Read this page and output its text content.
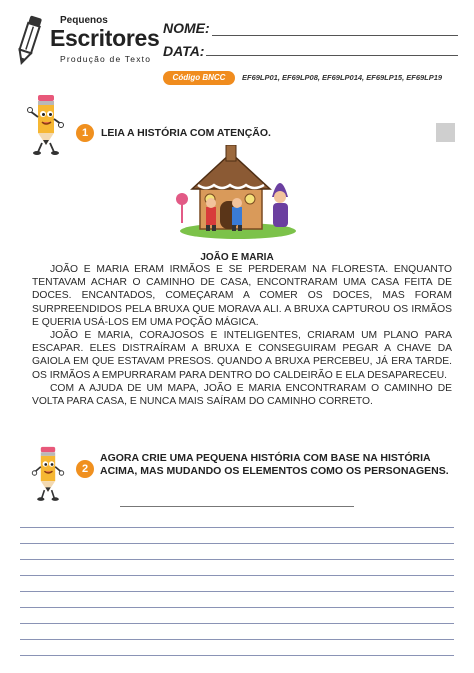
Pequenos
Escritores
Produção de Texto
NOME:
DATA:
Código BNCC	EF69LP01, EF69LP08, EF69LP014, EF69LP15, EF69LP19
1	LEIA A HISTÓRIA COM ATENÇÃO.
JOÃO E MARIA

JOÃO E MARIA ERAM IRMÃOS E SE PERDERAM NA FLORESTA. ENQUANTO TENTAVAM ACHAR O CAMINHO DE CASA, ENCONTRARAM UMA CASA FEITA DE DOCES. ENCANTADOS, COMEÇARAM A COMER OS DOCES, MAS FORAM SURPREENDIDOS PELA BRUXA QUE MORAVA ALI. A BRUXA CAPTUROU OS IRMÃOS E QUERIA USÁ-LOS EM UMA POÇÃO MÁGICA.

JOÃO E MARIA, CORAJOSOS E INTELIGENTES, CRIARAM UM PLANO PARA ESCAPAR. ELES DISTRAÍRAM A BRUXA E CONSEGUIRAM PEGAR A CHAVE DA GAIOLA EM QUE ESTAVAM PRESOS. QUANDO A BRUXA PERCEBEU, JÁ ERA TARDE. OS IRMÃOS A EMPURRARAM PARA DENTRO DO CALDEIRÃO E ELA DESAPARECEU.

COM A AJUDA DE UM MAPA, JOÃO E MARIA ENCONTRARAM O CAMINHO DE VOLTA PARA CASA, E NUNCA MAIS SAÍRAM DO CAMINHO CORRETO.

2
AGORA CRIE UMA PEQUENA HISTÓRIA COM BASE NA HISTÓRIA ACIMA, MAS MUDANDO OS ELEMENTOS COMO OS PERSONAGENS.
